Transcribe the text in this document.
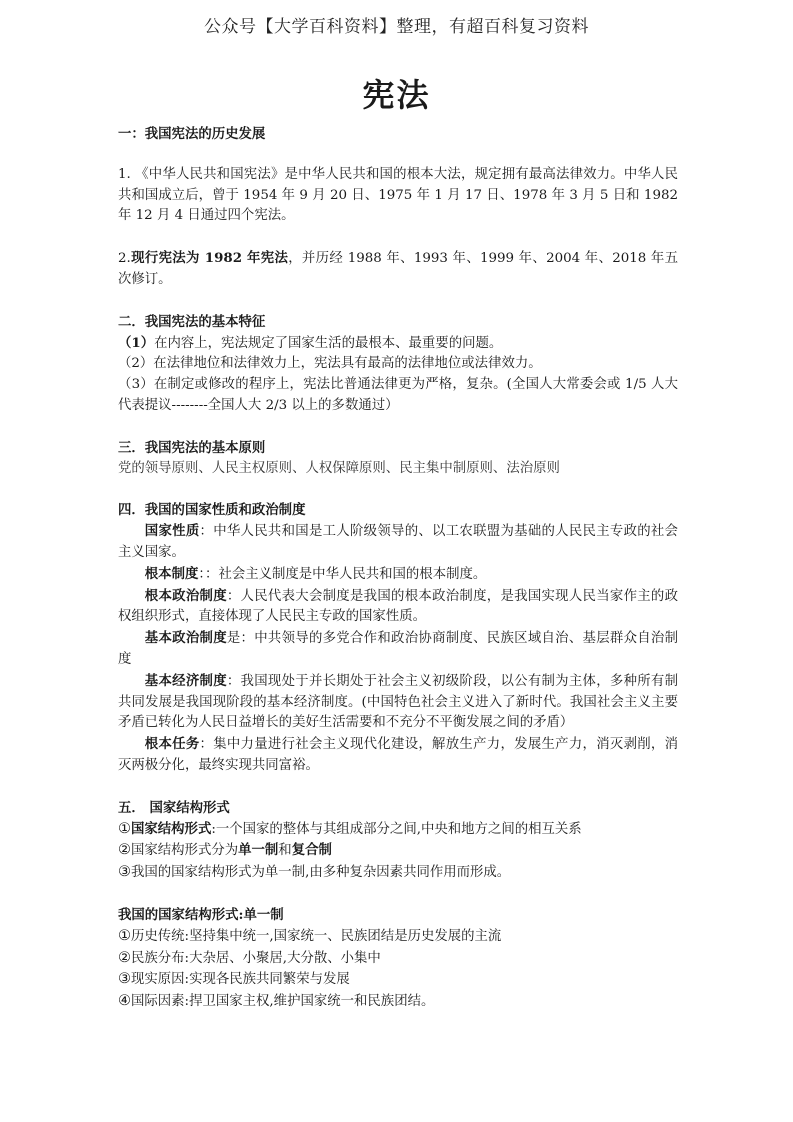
公众号【大学百科资料】整理，有超百科复习资料
宪法

一：我国宪法的历史发展

1. 《中华人民共和国宪法》是中华人民共和国的根本大法，规定拥有最高法律效力。中华人民共和国成立后，曾于 1954 年 9 月 20 日、1975 年 1 月 17 日、1978 年 3 月 5 日和 1982 年 12 月 4 日通过四个宪法。

2.现行宪法为 1982 年宪法，并历经 1988 年、1993 年、1999 年、2004 年、2018 年五次修订。

二．我国宪法的基本特征

（1）在内容上，宪法规定了国家生活的最根本、最重要的问题。

（2）在法律地位和法律效力上，宪法具有最高的法律地位或法律效力。

（3）在制定或修改的程序上，宪法比普通法律更为严格，复杂。(全国人大常委会或 1/5 人大代表提议--------全国人大 2/3 以上的多数通过）

三．我国宪法的基本原则

党的领导原则、人民主权原则、人权保障原则、民主集中制原则、法治原则

四．我国的国家性质和政治制度

国家性质：中华人民共和国是工人阶级领导的、以工农联盟为基础的人民民主专政的社会主义国家。

根本制度：：社会主义制度是中华人民共和国的根本制度。

根本政治制度：人民代表大会制度是我国的根本政治制度，是我国实现人民当家作主的政权组织形式，直接体现了人民民主专政的国家性质。

基本政治制度是：中共领导的多党合作和政治协商制度、民族区域自治、基层群众自治制度

基本经济制度：我国现处于并长期处于社会主义初级阶段，以公有制为主体，多种所有制共同发展是我国现阶段的基本经济制度。(中国特色社会主义进入了新时代。我国社会主义主要矛盾已转化为人民日益增长的美好生活需要和不充分不平衡发展之间的矛盾）

根本任务：集中力量进行社会主义现代化建设，解放生产力，发展生产力，消灭剥削，消灭两极分化，最终实现共同富裕。

五． 国家结构形式

①国家结构形式:一个国家的整体与其组成部分之间,中央和地方之间的相互关系

②国家结构形式分为单一制和复合制

③我国的国家结构形式为单一制,由多种复杂因素共同作用而形成。

我国的国家结构形式:单一制

①历史传统:坚持集中统一,国家统一、民族团结是历史发展的主流

②民族分布:大杂居、小聚居,大分散、小集中

③现实原因:实现各民族共同繁荣与发展

④国际因素:捍卫国家主权,维护国家统一和民族团结。
